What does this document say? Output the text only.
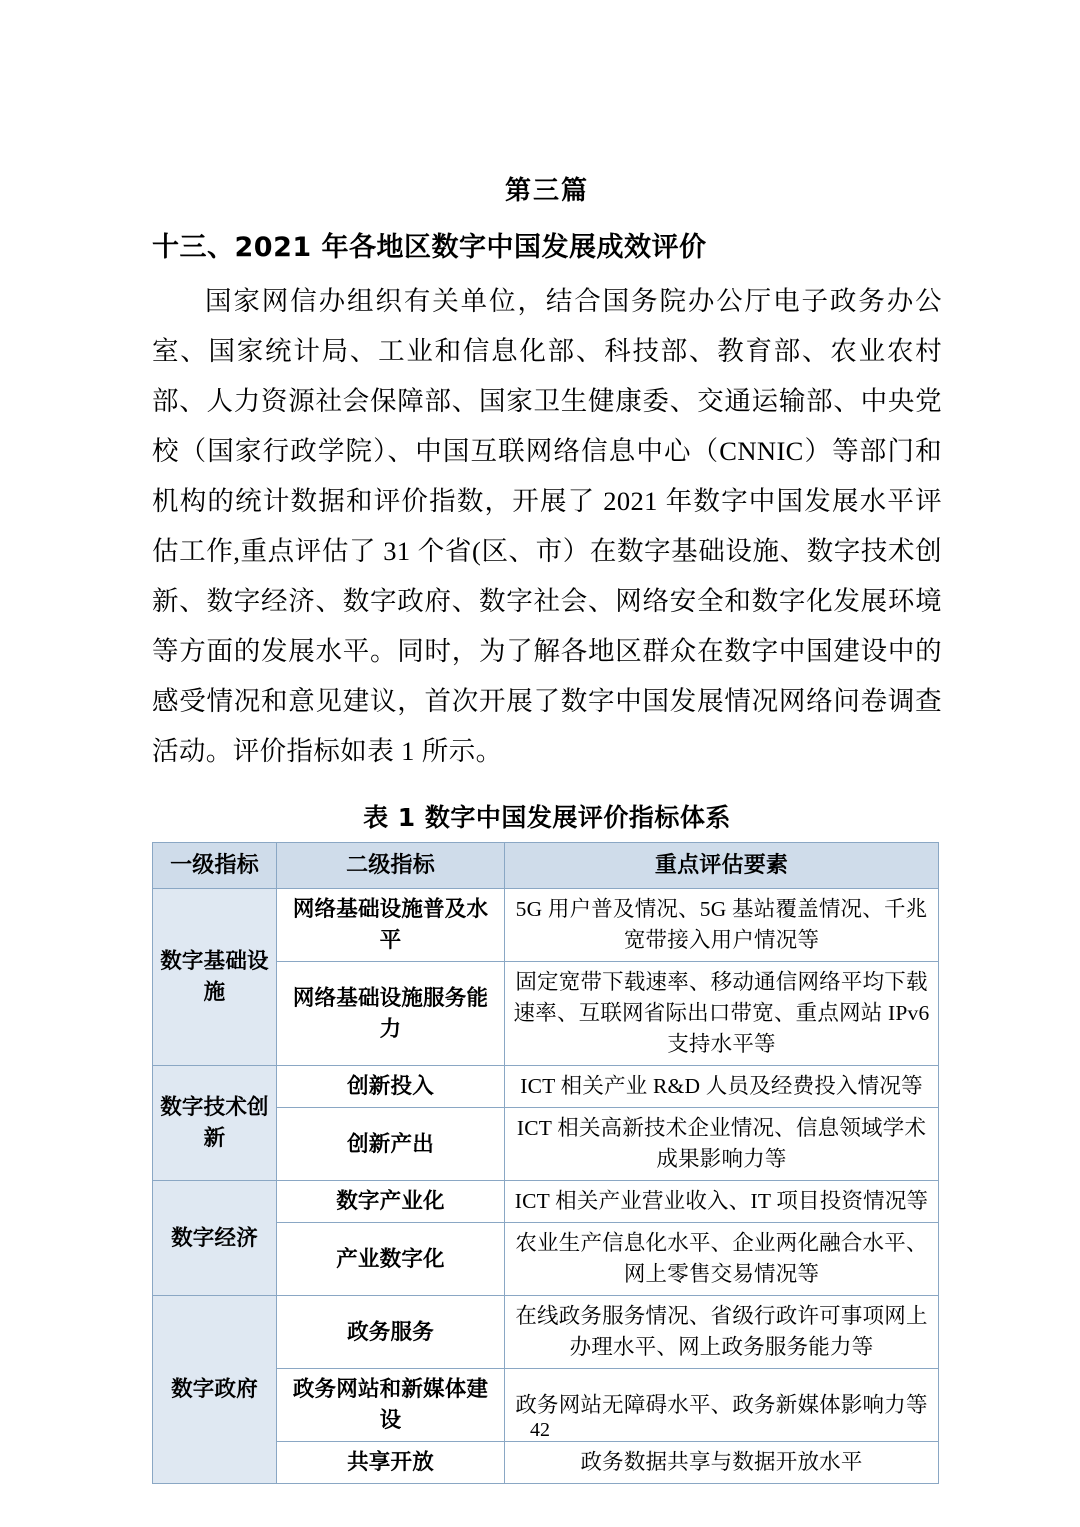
第三篇
十三、2021 年各地区数字中国发展成效评价

国家网信办组织有关单位，结合国务院办公厅电子政务办公室、国家统计局、工业和信息化部、科技部、教育部、农业农村部、人力资源社会保障部、国家卫生健康委、交通运输部、中央党校（国家行政学院）、中国互联网络信息中心（CNNIC）等部门和机构的统计数据和评价指数，开展了 2021 年数字中国发展水平评估工作,重点评估了 31 个省(区、市）在数字基础设施、数字技术创新、数字经济、数字政府、数字社会、网络安全和数字化发展环境等方面的发展水平。同时，为了解各地区群众在数字中国建设中的感受情况和意见建议，首次开展了数字中国发展情况网络问卷调查活动。评价指标如表 1 所示。

表 1 数字中国发展评价指标体系
一级指标	二级指标	重点评估要素
数字基础设施	网络基础设施普及水平	5G 用户普及情况、5G 基站覆盖情况、千兆宽带接入用户情况等
	网络基础设施服务能力	固定宽带下载速率、移动通信网络平均下载速率、互联网省际出口带宽、重点网站 IPv6 支持水平等
数字技术创新	创新投入	ICT 相关产业 R&D 人员及经费投入情况等
	创新产出	ICT 相关高新技术企业情况、信息领域学术成果影响力等
数字经济	数字产业化	ICT 相关产业营业收入、IT 项目投资情况等
	产业数字化	农业生产信息化水平、企业两化融合水平、网上零售交易情况等
数字政府	政务服务	在线政务服务情况、省级行政许可事项网上办理水平、网上政务服务能力等
	政务网站和新媒体建设	政务网站无障碍水平、政务新媒体影响力等
	共享开放	政务数据共享与数据开放水平
42
